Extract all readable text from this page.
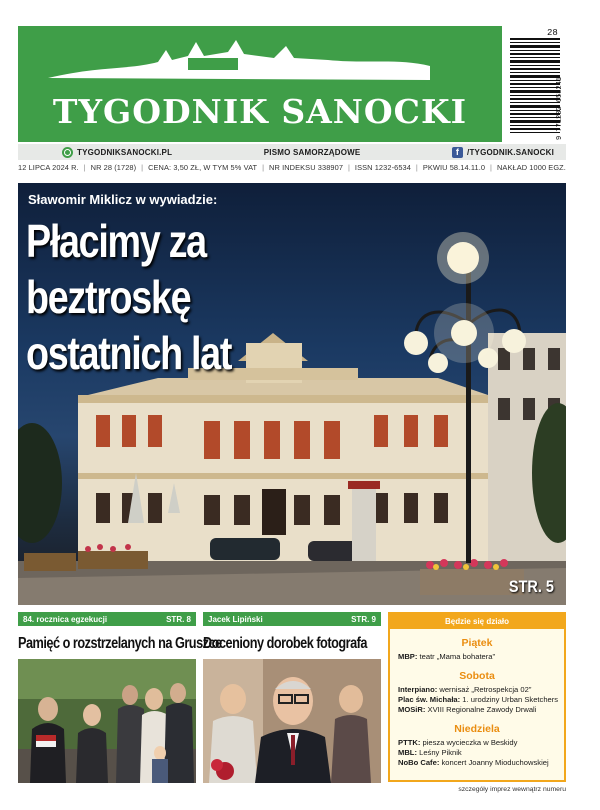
TYGODNIK SANOCKI
28
9 771232 653241
TYGODNIKSANOCKI.PL	PISMO SAMORZĄDOWE	f /TYGODNIK.SANOCKI
12 LIPCA 2024 R. | NR 28 (1728) | CENA: 3,50 ZŁ, W TYM 5% VAT | NR INDEKSU 338907 | ISSN 1232-6534 | PKWIU 58.14.11.0 | NAKŁAD 1000 EGZ.
Sławomir Miklicz w wywiadzie:
Płacimy za beztroskę
ostatnich lat
STR. 5
84. rocznica egzekucji	STR. 8
Pamięć o rozstrzelanych na Gruszce
Jacek Lipiński	STR. 9
Doceniony dorobek fotografa
Będzie się działo
Piątek
MBP: teatr „Mama bohatera”
Sobota
Interpiano: wernisaż „Retrospekcja 02”
Plac św. Michała: 1. urodziny Urban Sketchers
MOSiR: XVIII Regionalne Zawody Drwali
Niedziela
PTTK: piesza wycieczka w Beskidy
MBL: Leśny Piknik
NoBo Cafe: koncert Joanny Mioduchowskiej
szczegóły imprez wewnątrz numeru
